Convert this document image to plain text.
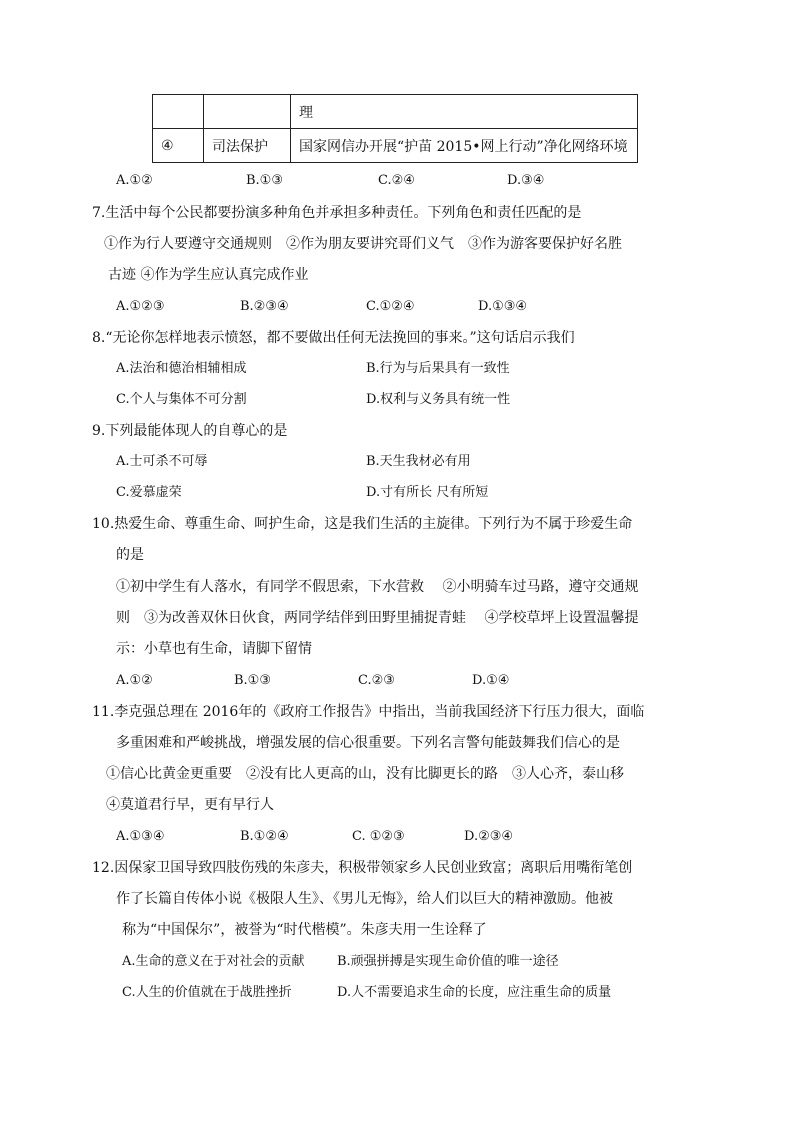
		理
④	司法保护	国家网信办开展“护苗 2015•网上行动”净化网络环境
A.①②	B.①③	C.②④	D.③④
7.生活中每个公民都要扮演多种角色并承担多种责任。下列角色和责任匹配的是
①作为行人要遵守交通规则　②作为朋友要讲究哥们义气　③作为游客要保护好名胜
古迹 ④作为学生应认真完成作业
A.①②③	B.②③④	C.①②④	D.①③④
8.“无论你怎样地表示愤怒，都不要做出任何无法挽回的事来。”这句话启示我们
A.法治和德治相辅相成	B.行为与后果具有一致性
C.个人与集体不可分割	D.权利与义务具有统一性
9.下列最能体现人的自尊心的是
A.士可杀不可辱	B.天生我材必有用
C.爱慕虚荣	D.寸有所长 尺有所短
10.热爱生命、尊重生命、呵护生命，这是我们生活的主旋律。下列行为不属于珍爱生命
的是
①初中学生有人落水，有同学不假思索，下水营救　 ②小明骑车过马路，遵守交通规
则　③为改善双休日伙食，两同学结伴到田野里捕捉青蛙　 ④学校草坪上设置温馨提
示：小草也有生命，请脚下留情
A.①②	B.①③	C.②③	D.①④
11.李克强总理在 2016年的《政府工作报告》中指出，当前我国经济下行压力很大，面临
多重困难和严峻挑战，增强发展的信心很重要。下列名言警句能鼓舞我们信心的是
①信心比黄金更重要　②没有比人更高的山，没有比脚更长的路　③人心齐，泰山移
④莫道君行早，更有早行人
A.①③④	B.①②④	C. ①②③	D.②③④
12.因保家卫国导致四肢伤残的朱彦夫，积极带领家乡人民创业致富；离职后用嘴衔笔创
作了长篇自传体小说《极限人生》、《男儿无悔》，给人们以巨大的精神激励。他被
称为“中国保尔”，被誉为“时代楷模”。朱彦夫用一生诠释了
A.生命的意义在于对社会的贡献 B.顽强拼搏是实现生命价值的唯一途径
C.人生的价值就在于战胜挫折	D.人不需要追求生命的长度，应注重生命的质量
